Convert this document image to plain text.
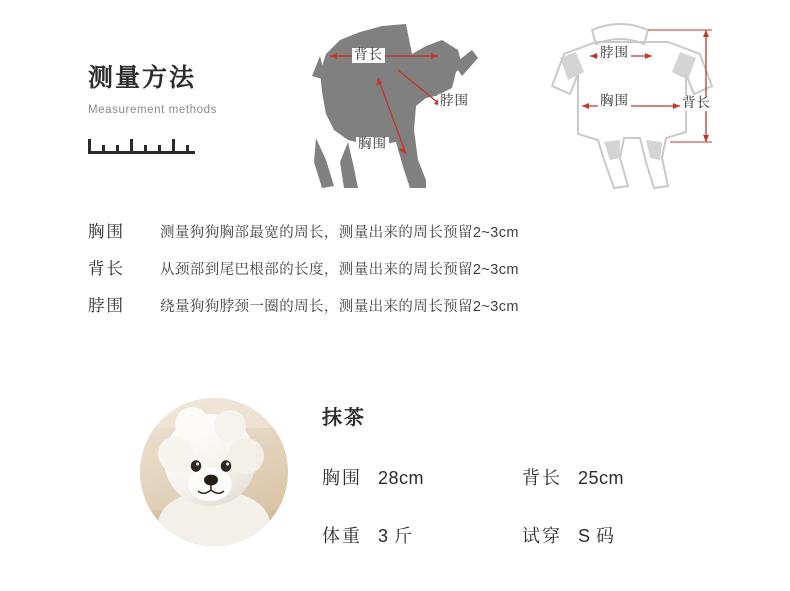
测量方法
Measurement methods
背长
脖围
胸围
脖围
胸围	背长
胸围	测量狗狗胸部最宽的周长，测量出来的周长预留2~3cm
背长	从颈部到尾巴根部的长度，测量出来的周长预留2~3cm
脖围	绕量狗狗脖颈一圈的周长，测量出来的周长预留2~3cm
抹茶
胸围 28cm	背长 25cm
体重 3 斤	试穿 S 码
